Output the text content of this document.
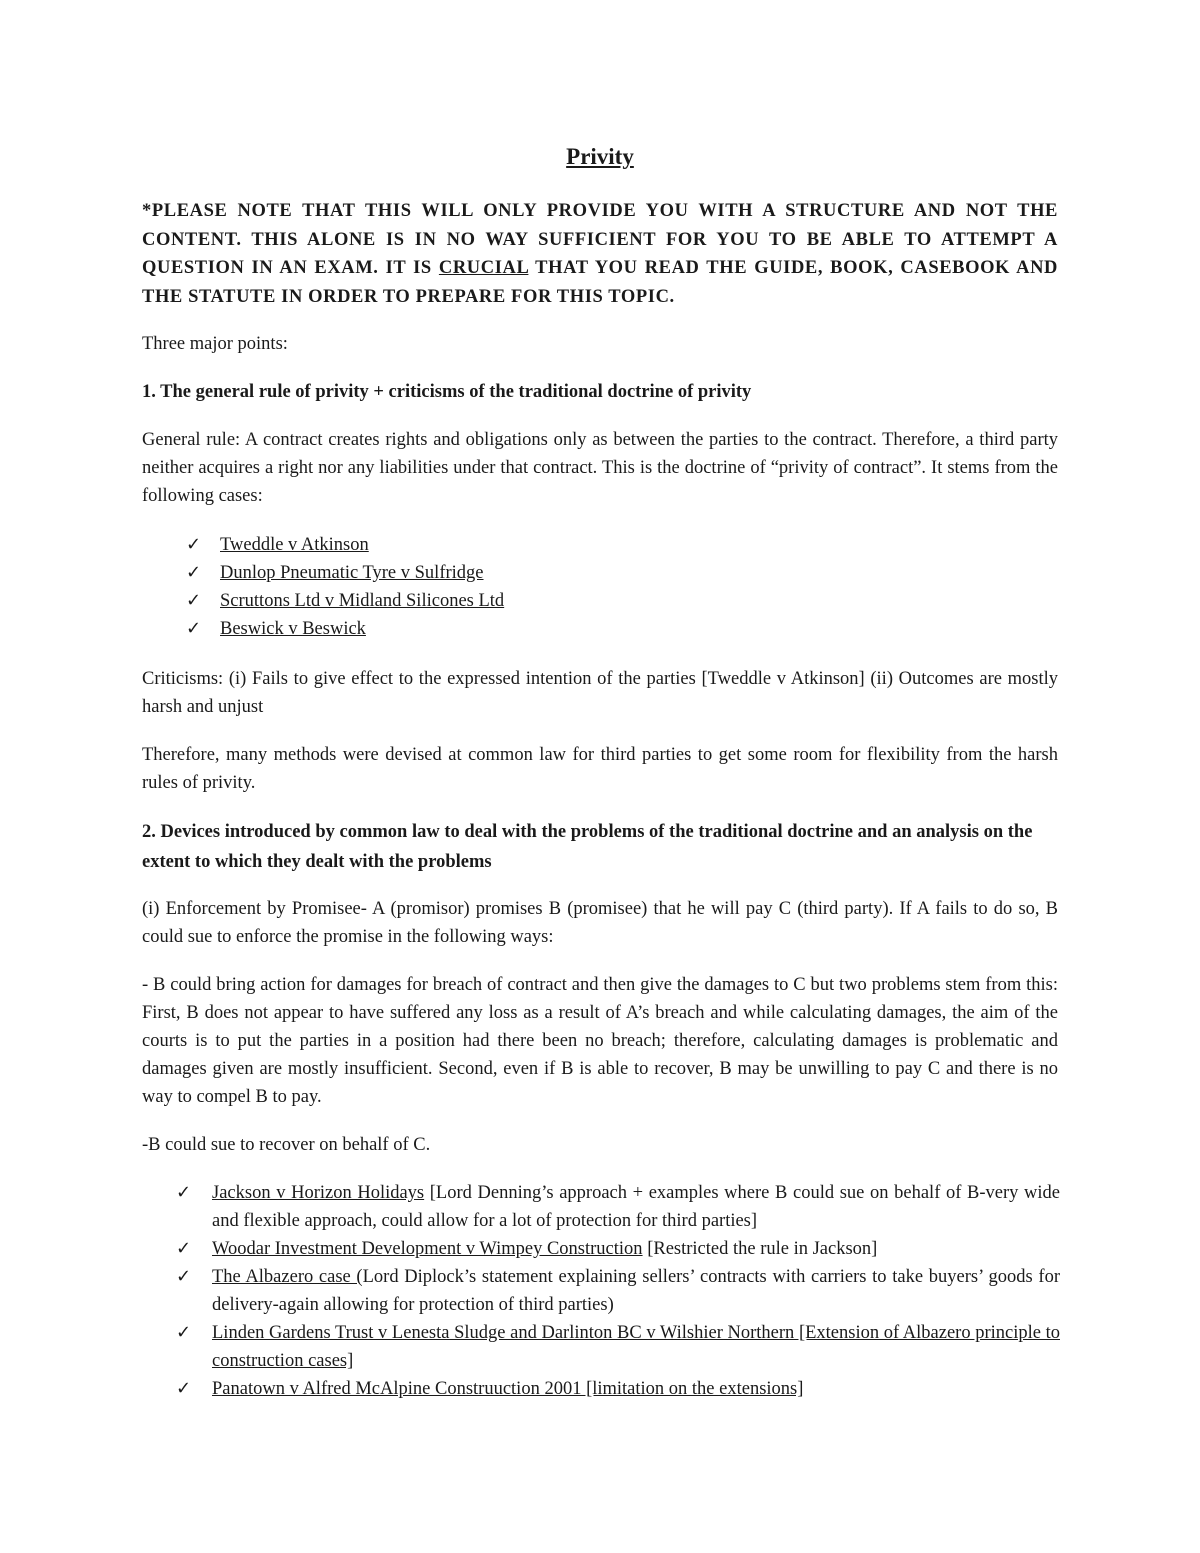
Privity
*PLEASE NOTE THAT THIS WILL ONLY PROVIDE YOU WITH A STRUCTURE AND NOT THE CONTENT. THIS ALONE IS IN NO WAY SUFFICIENT FOR YOU TO BE ABLE TO ATTEMPT A QUESTION IN AN EXAM. IT IS CRUCIAL THAT YOU READ THE GUIDE, BOOK, CASEBOOK AND THE STATUTE IN ORDER TO PREPARE FOR THIS TOPIC.

Three major points:

1. The general rule of privity + criticisms of the traditional doctrine of privity

General rule: A contract creates rights and obligations only as between the parties to the contract. Therefore, a third party neither acquires a right nor any liabilities under that contract. This is the doctrine of “privity of contract”. It stems from the following cases:

✓ Tweddle v Atkinson
✓ Dunlop Pneumatic Tyre v Sulfridge
✓ Scruttons Ltd v Midland Silicones Ltd
✓ Beswick v Beswick

Criticisms: (i) Fails to give effect to the expressed intention of the parties [Tweddle v Atkinson] (ii) Outcomes are mostly harsh and unjust

Therefore, many methods were devised at common law for third parties to get some room for flexibility from the harsh rules of privity.

2. Devices introduced by common law to deal with the problems of the traditional doctrine and an analysis on the extent to which they dealt with the problems

(i) Enforcement by Promisee- A (promisor) promises B (promisee) that he will pay C (third party). If A fails to do so, B could sue to enforce the promise in the following ways:

- B could bring action for damages for breach of contract and then give the damages to C but two problems stem from this: First, B does not appear to have suffered any loss as a result of A’s breach and while calculating damages, the aim of the courts is to put the parties in a position had there been no breach; therefore, calculating damages is problematic and damages given are mostly insufficient. Second, even if B is able to recover, B may be unwilling to pay C and there is no way to compel B to pay.

-B could sue to recover on behalf of C.

✓ Jackson v Horizon Holidays [Lord Denning’s approach + examples where B could sue on behalf of B-very wide and flexible approach, could allow for a lot of protection for third parties]
✓ Woodar Investment Development v Wimpey Construction [Restricted the rule in Jackson]
✓ The Albazero case (Lord Diplock’s statement explaining sellers’ contracts with carriers to take buyers’ goods for delivery-again allowing for protection of third parties)
✓ Linden Gardens Trust v Lenesta Sludge and Darlinton BC v Wilshier Northern [Extension of Albazero principle to construction cases]
✓ Panatown v Alfred McAlpine Construuction 2001 [limitation on the extensions]
